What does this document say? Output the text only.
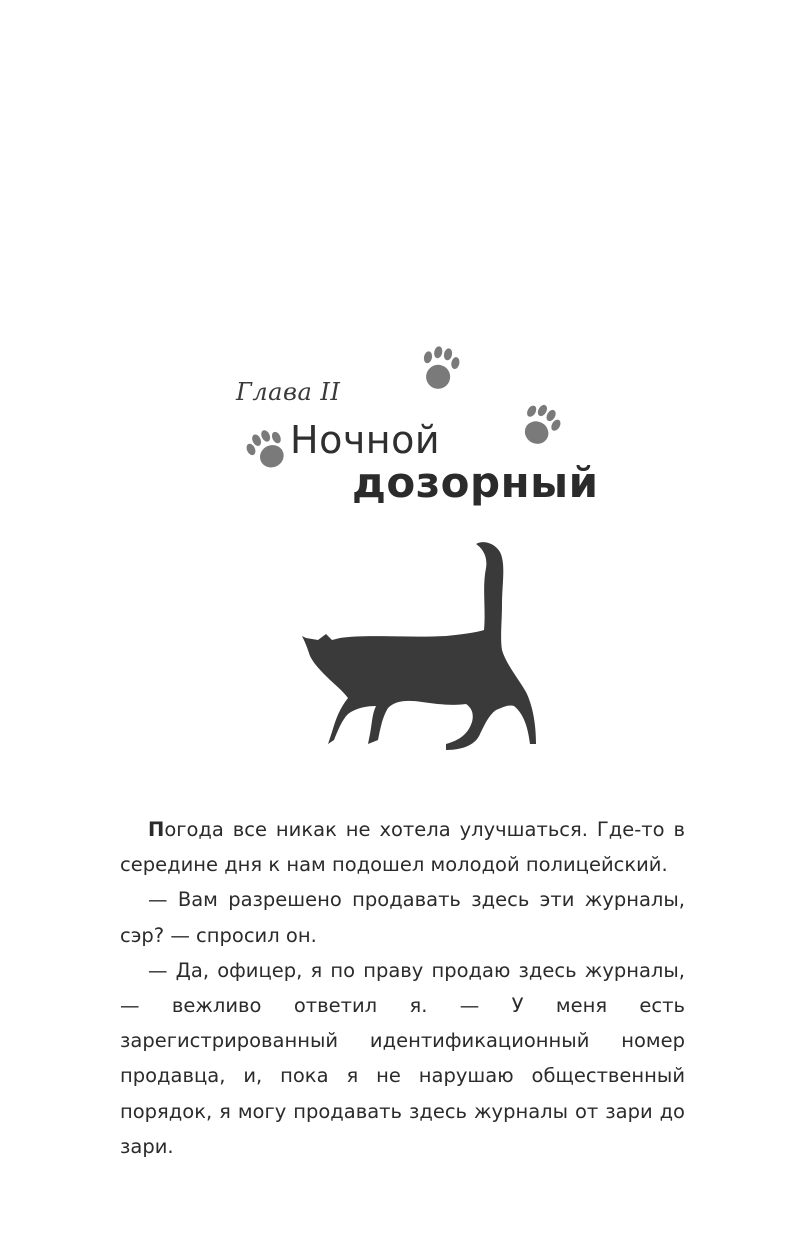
Глава II
Ночной
дозорный

Погода все никак не хотела улучшаться. Где-то в середине дня к нам подошел молодой полицейский.

— Вам разрешено продавать здесь эти журналы, сэр? — спросил он.

— Да, офицер, я по праву продаю здесь журналы, — вежливо ответил я. — У меня есть зарегистрированный идентификационный номер продавца, и, пока я не нарушаю общественный порядок, я могу продавать здесь журналы от зари до зари.
